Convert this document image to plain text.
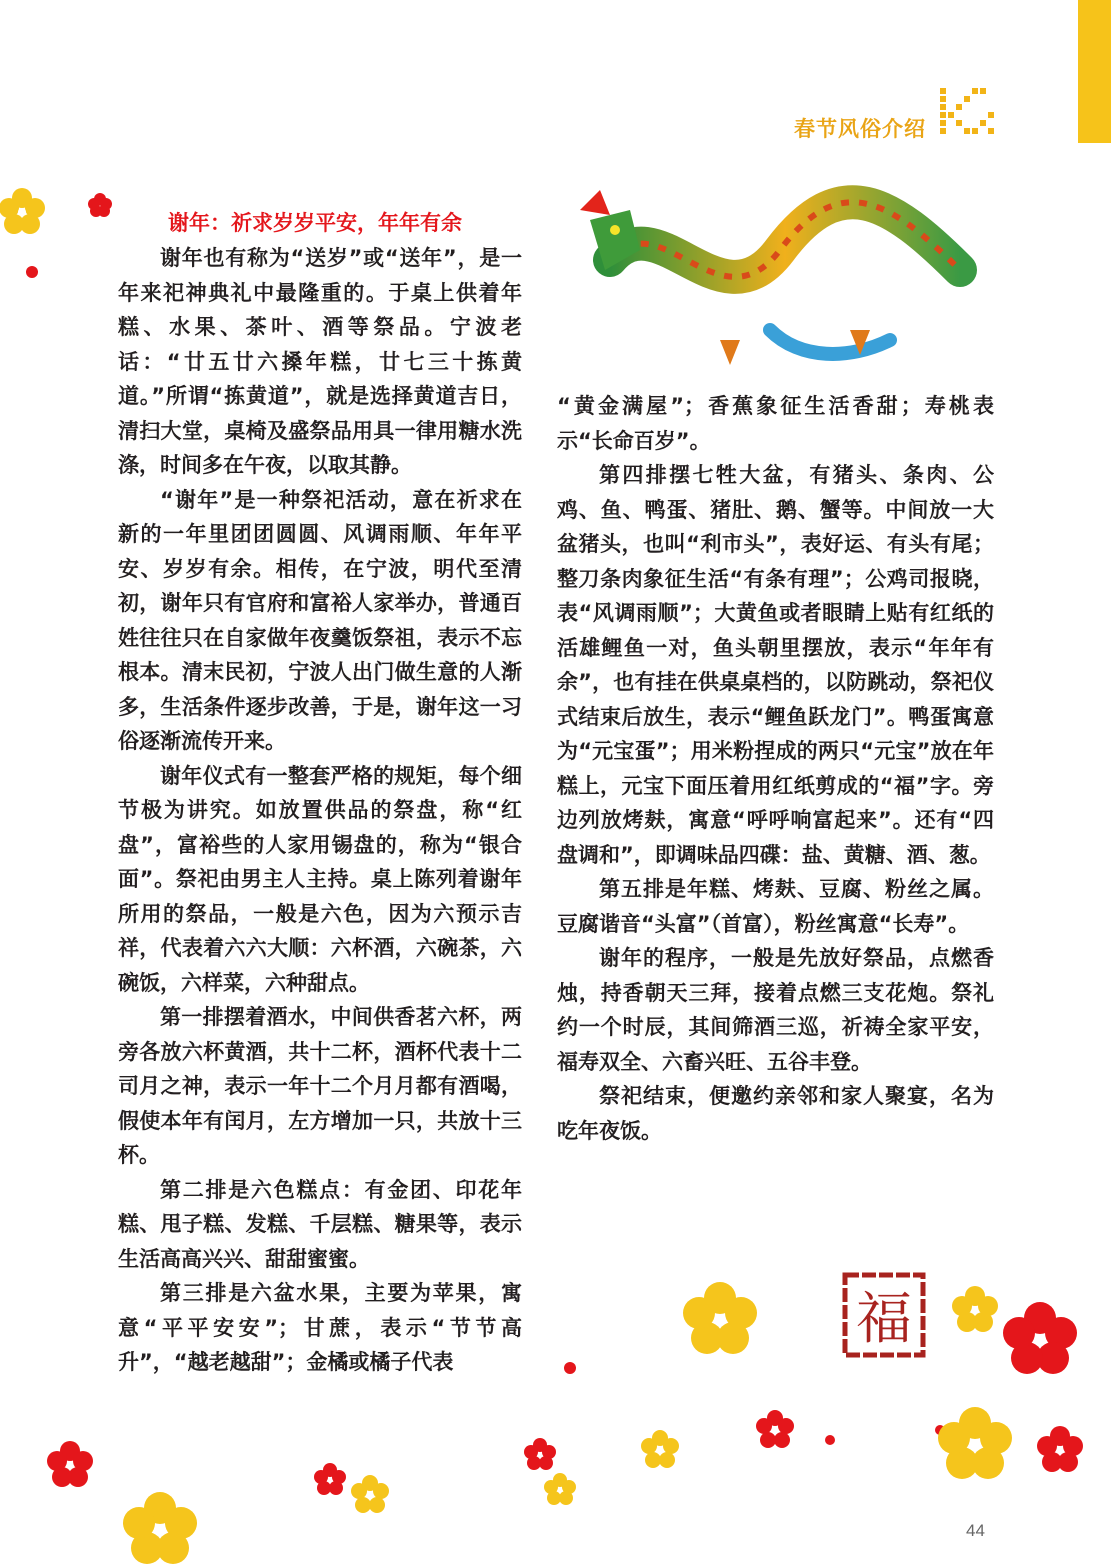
春节风俗介绍
谢年：祈求岁岁平安，年年有余

谢年也有称为“送岁”或“送年”，是一年来祀神典礼中最隆重的。于桌上供着年糕、水果、茶叶、酒等祭品。宁波老话：“廿五廿六搡年糕，廿七三十拣黄道。”所谓“拣黄道”，就是选择黄道吉日，清扫大堂，桌椅及盛祭品用具一律用糖水洗涤，时间多在午夜，以取其静。

“谢年”是一种祭祀活动，意在祈求在新的一年里团团圆圆、风调雨顺、年年平安、岁岁有余。相传，在宁波，明代至清初，谢年只有官府和富裕人家举办，普通百姓往往只在自家做年夜羹饭祭祖，表示不忘根本。清末民初，宁波人出门做生意的人渐多，生活条件逐步改善，于是，谢年这一习俗逐渐流传开来。

谢年仪式有一整套严格的规矩，每个细节极为讲究。如放置供品的祭盘，称“红盘”，富裕些的人家用锡盘的，称为“银合面”。祭祀由男主人主持。桌上陈列着谢年所用的祭品，一般是六色，因为六预示吉祥，代表着六六大顺：六杯酒，六碗茶，六碗饭，六样菜，六种甜点。

第一排摆着酒水，中间供香茗六杯，两旁各放六杯黄酒，共十二杯，酒杯代表十二司月之神，表示一年十二个月月都有酒喝，假使本年有闰月，左方增加一只，共放十三杯。

第二排是六色糕点：有金团、印花年糕、甩子糕、发糕、千层糕、糖果等，表示生活高高兴兴、甜甜蜜蜜。

第三排是六盆水果，主要为苹果，寓意“平平安安”；甘蔗，表示“节节高升”，“越老越甜”；金橘或橘子代表

“黄金满屋”；香蕉象征生活香甜；寿桃表示“长命百岁”。

第四排摆七牲大盆，有猪头、条肉、公鸡、鱼、鸭蛋、猪肚、鹅、蟹等。中间放一大盆猪头，也叫“利市头”，表好运、有头有尾；整刀条肉象征生活“有条有理”；公鸡司报晓，表“风调雨顺”；大黄鱼或者眼睛上贴有红纸的活雄鲤鱼一对，鱼头朝里摆放，表示“年年有余”，也有挂在供桌桌档的，以防跳动，祭祀仪式结束后放生，表示“鲤鱼跃龙门”。鸭蛋寓意为“元宝蛋”；用米粉捏成的两只“元宝”放在年糕上，元宝下面压着用红纸剪成的“福”字。旁边列放烤麸，寓意“呼呼响富起来”。还有“四盘调和”，即调味品四碟：盐、黄糖、酒、葱。

第五排是年糕、烤麸、豆腐、粉丝之属。豆腐谐音“头富”（首富），粉丝寓意“长寿”。

谢年的程序，一般是先放好祭品，点燃香烛，持香朝天三拜，接着点燃三支花炮。祭礼约一个时辰，其间筛酒三巡，祈祷全家平安，福寿双全、六畜兴旺、五谷丰登。

祭祀结束，便邀约亲邻和家人聚宴，名为吃年夜饭。

福
44
